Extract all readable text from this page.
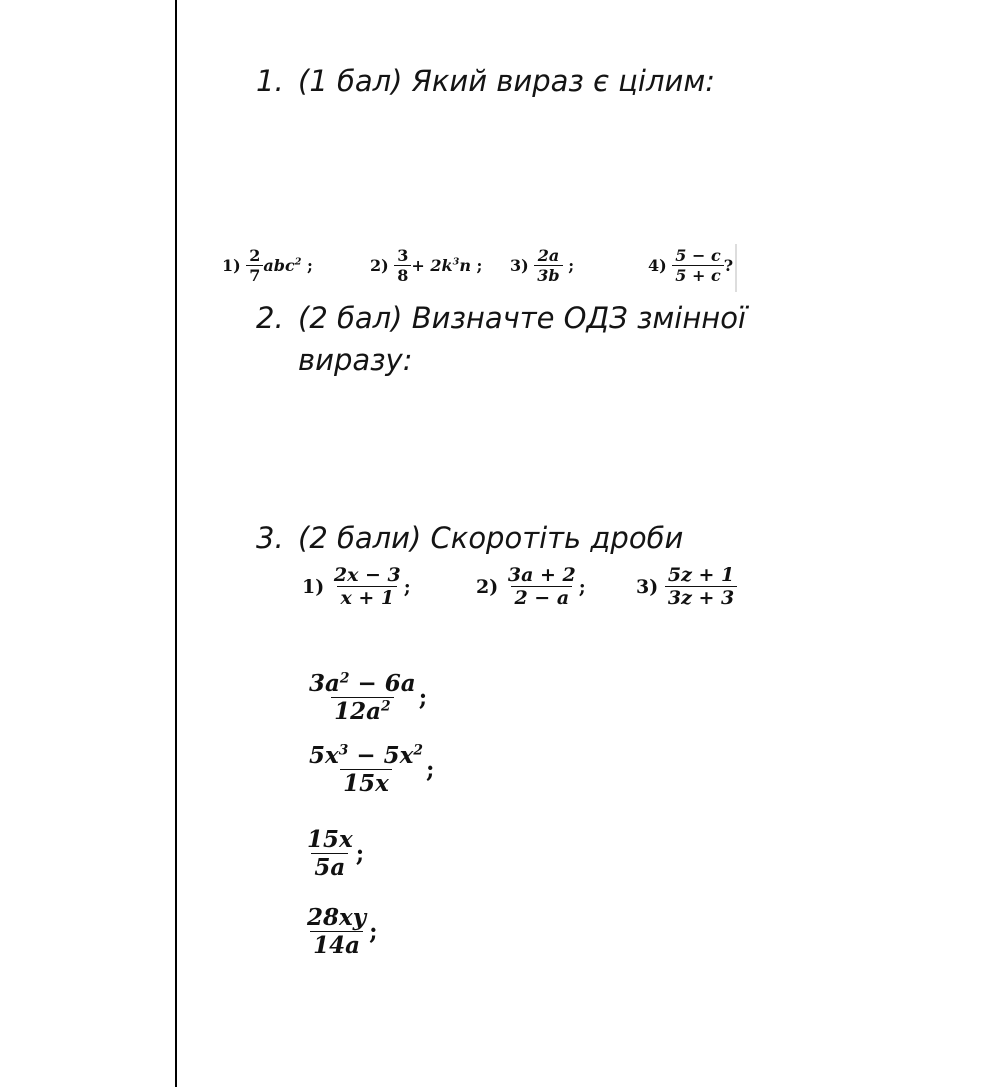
1. (1 бал) Який вираз є цілим:
$1) \frac{2}{7} abc^2$ ;	$2) \frac{3}{8} + 2k^3n$ ; $3) \frac{2a}{3b}$ ;	$4) \frac{5 - c}{5 + c}$ ?
2. (2 бал) Визначте ОДЗ змінної
виразу:
3. (2 бали) Скоротіть дроби
$1) \frac{2x - 3}{x + 1}$ ;	$2) \frac{3a + 2}{2 - a}$ ;	$3) \frac{5z + 1}{3z + 3}$
$\frac{3a^2 - 6a}{12a^2}$ ;
$\frac{5x^3 - 5x^2}{15x}$ ;
$\frac{15x}{5a}$ ;
$\frac{28xy}{14a}$ ;
